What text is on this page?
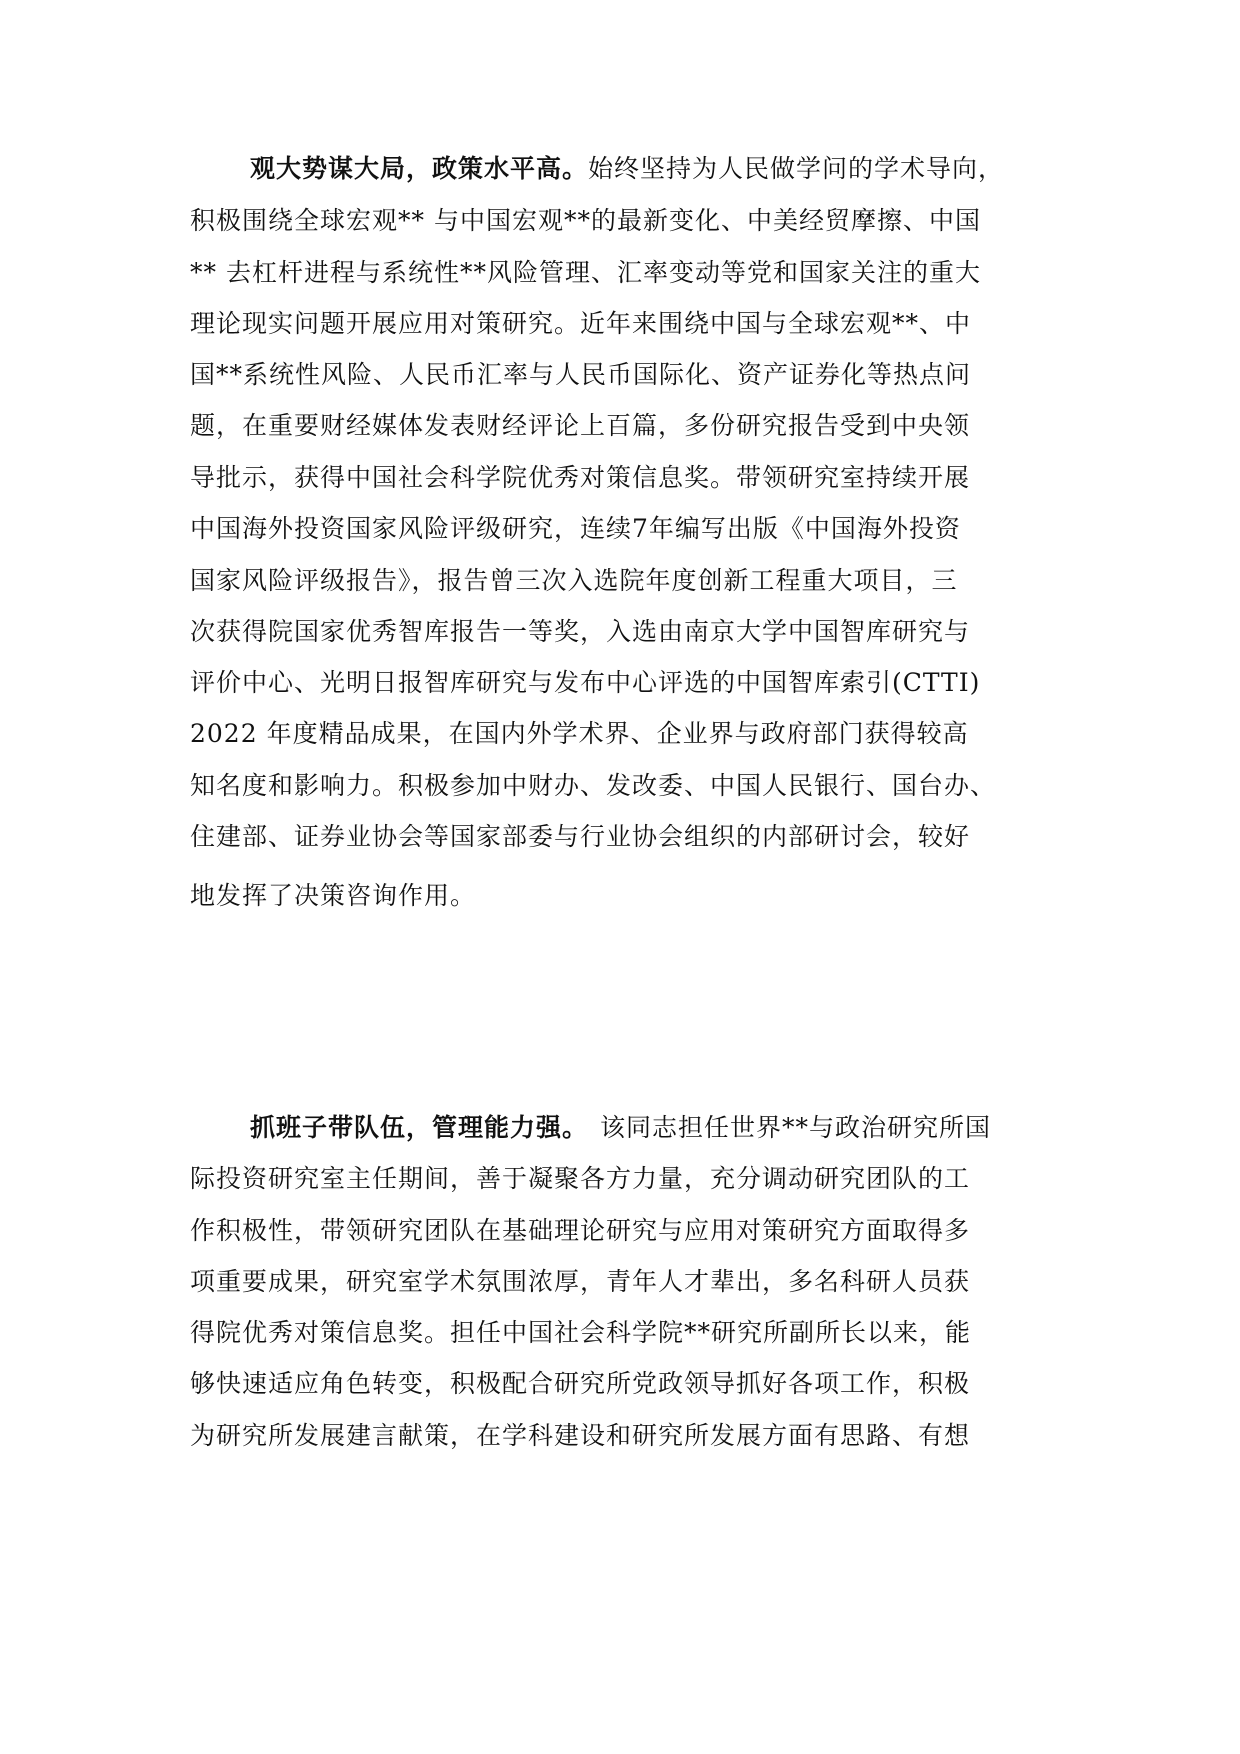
观大势谋大局，政策水平高。始终坚持为人民做学问的学术导向，
积极围绕全球宏观** 与中国宏观**的最新变化、中美经贸摩擦、中国
** 去杠杆进程与系统性**风险管理、汇率变动等党和国家关注的重大
理论现实问题开展应用对策研究。近年来围绕中国与全球宏观**、中
国**系统性风险、人民币汇率与人民币国际化、资产证券化等热点问
题，在重要财经媒体发表财经评论上百篇，多份研究报告受到中央领
导批示，获得中国社会科学院优秀对策信息奖。带领研究室持续开展
中国海外投资国家风险评级研究，连续7年编写出版《中国海外投资
国家风险评级报告》，报告曾三次入选院年度创新工程重大项目，三
次获得院国家优秀智库报告一等奖，入选由南京大学中国智库研究与
评价中心、光明日报智库研究与发布中心评选的中国智库索引(CTTI)
2022 年度精品成果，在国内外学术界、企业界与政府部门获得较高
知名度和影响力。积极参加中财办、发改委、中国人民银行、国台办、
住建部、证券业协会等国家部委与行业协会组织的内部研讨会，较好
地发挥了决策咨询作用。
抓班子带队伍，管理能力强。 该同志担任世界**与政治研究所国
际投资研究室主任期间，善于凝聚各方力量，充分调动研究团队的工
作积极性，带领研究团队在基础理论研究与应用对策研究方面取得多
项重要成果，研究室学术氛围浓厚，青年人才辈出，多名科研人员获
得院优秀对策信息奖。担任中国社会科学院**研究所副所长以来，能
够快速适应角色转变，积极配合研究所党政领导抓好各项工作，积极
为研究所发展建言献策，在学科建设和研究所发展方面有思路、有想
